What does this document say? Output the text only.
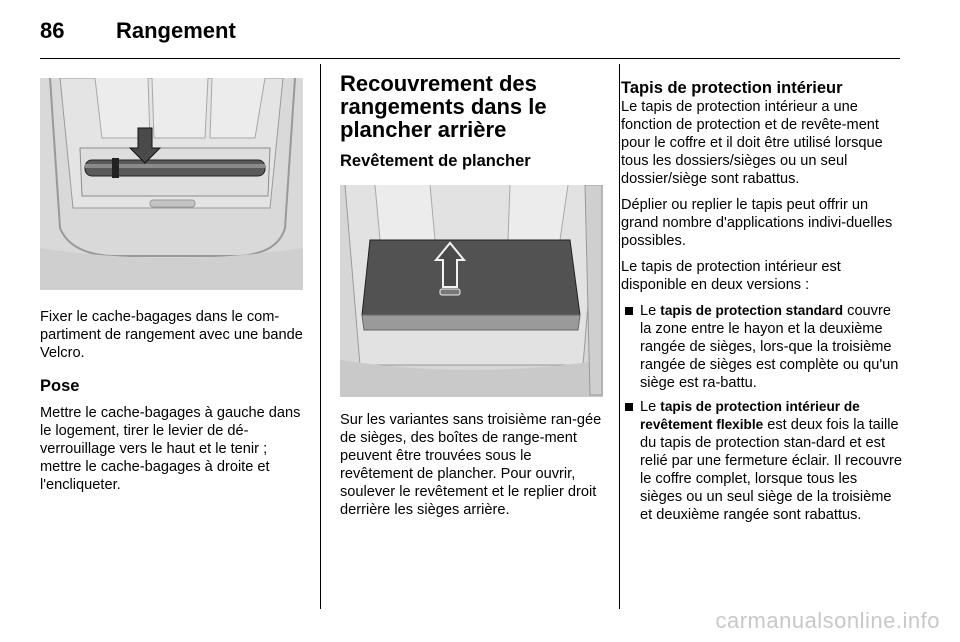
86 Rangement

Fixer le cache-bagages dans le com-partiment de rangement avec une bande Velcro.

Pose

Mettre le cache-bagages à gauche dans le logement, tirer le levier de dé-verrouillage vers le haut et le tenir ; mettre le cache-bagages à droite et l'encliqueter.

Recouvrement des rangements dans le plancher arrière
Revêtement de plancher

Sur les variantes sans troisième ran-gée de sièges, des boîtes de range-ment peuvent être trouvées sous le revêtement de plancher. Pour ouvrir, soulever le revêtement et le replier droit derrière les sièges arrière.

Tapis de protection intérieur

Le tapis de protection intérieur a une fonction de protection et de revête-ment pour le coffre et il doit être utilisé lorsque tous les dossiers/sièges ou un seul dossier/siège sont rabattus.

Déplier ou replier le tapis peut offrir un grand nombre d'applications indivi-duelles possibles.

Le tapis de protection intérieur est disponible en deux versions :

Le tapis de protection standard couvre la zone entre le hayon et la deuxième rangée de sièges, lors-que la troisième rangée de sièges est complète ou qu'un siège est ra-battu.
Le tapis de protection intérieur de revêtement flexible est deux fois la taille du tapis de protection stan-dard et est relié par une fermeture éclair. Il recouvre le coffre complet, lorsque tous les sièges ou un seul siège de la troisième et deuxième rangée sont rabattus.
carmanualsonline.info
